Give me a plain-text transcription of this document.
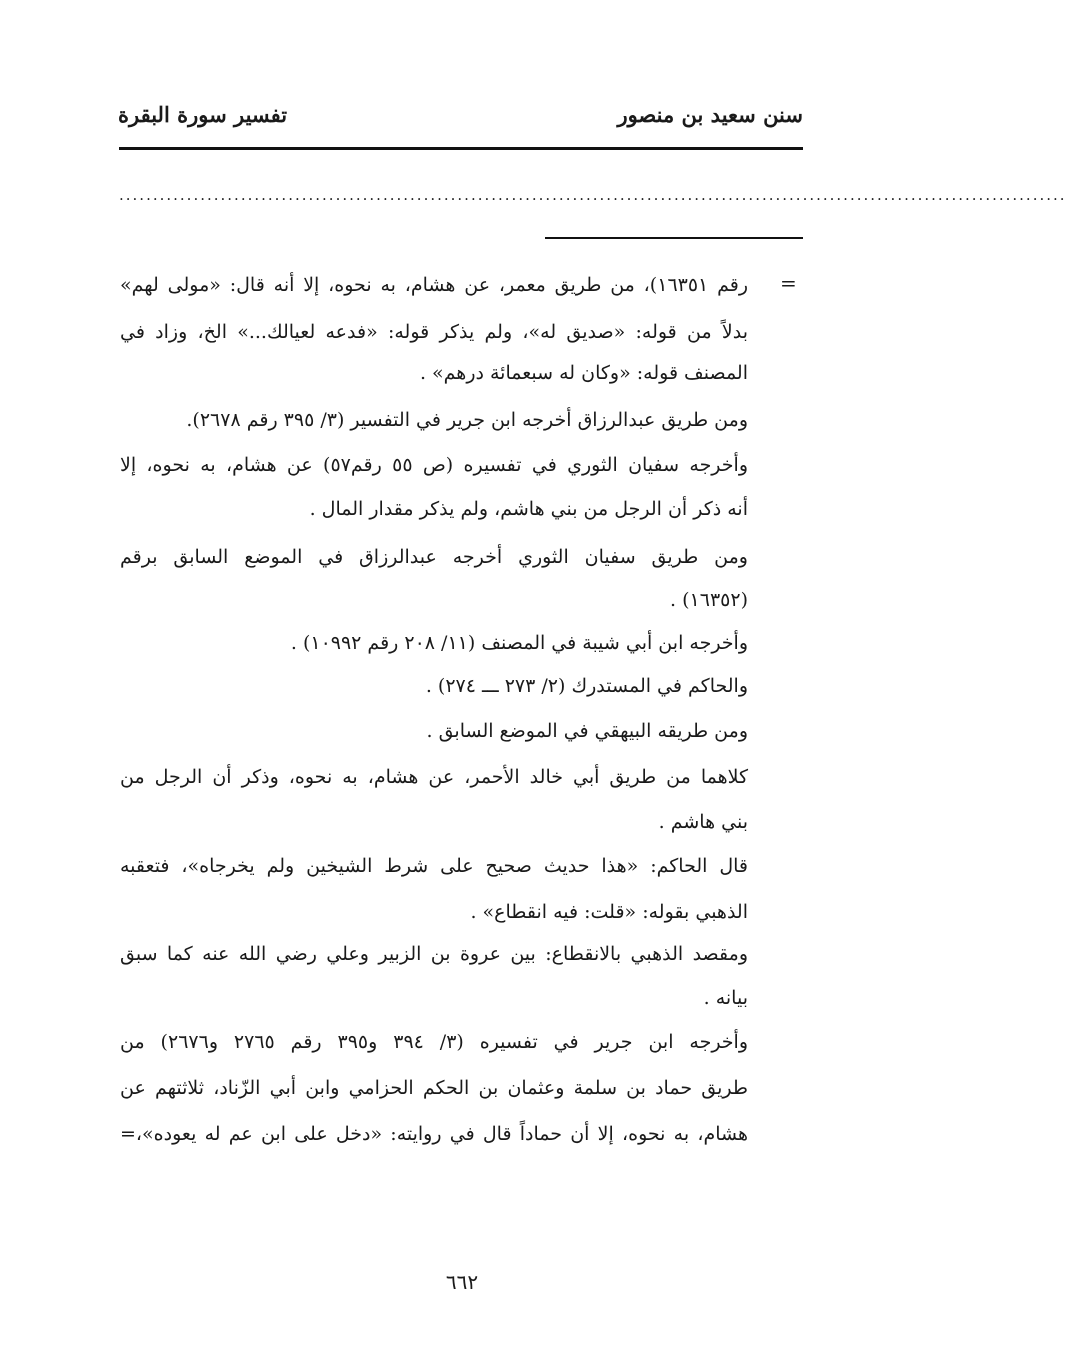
سنن سعيد بن منصور
تفسير سورة البقرة
............................................................................................................................................
=
رقم ١٦٣٥١)، من طريق معمر، عن هشام، به نحوه، إلا أنه قال: «مولى لهم»
بدلاً من قوله: «صديق له»، ولم يذكر قوله: «فدعه لعيالك...» الخ، وزاد في
المصنف قوله: «وكان له سبعمائة درهم» .
ومن طريق عبدالرزاق أخرجه ابن جرير في التفسير (٣/ ٣٩٥ رقم ٢٦٧٨).
وأخرجه سفيان الثوري في تفسيره (ص ٥٥ رقم٥٧) عن هشام، به نحوه، إلا
أنه ذكر أن الرجل من بني هاشم، ولم يذكر مقدار المال .
ومن طريق سفيان الثوري أخرجه عبدالرزاق في الموضع السابق برقم
(١٦٣٥٢) .
وأخرجه ابن أبي شيبة في المصنف (١١/ ٢٠٨ رقم ١٠٩٩٢) .
والحاكم في المستدرك (٢/ ٢٧٣ ـــ ٢٧٤) .
ومن طريقه البيهقي في الموضع السابق .
كلاهما من طريق أبي خالد الأحمر، عن هشام، به نحوه، وذكر أن الرجل من
بني هاشم .
قال الحاكم: «هذا حديث صحيح على شرط الشيخين ولم يخرجاه»، فتعقبه
الذهبي بقوله: «قلت: فيه انقطاع» .
ومقصد الذهبي بالانقطاع: بين عروة بن الزبير وعلي رضي الله عنه كما سبق
بيانه .
وأخرجه ابن جرير في تفسيره (٣/ ٣٩٤ و٣٩٥ رقم ٢٧٦٥ و٢٦٧٦) من
طريق حماد بن سلمة وعثمان بن الحكم الحزامي وابن أبي الزّناد، ثلاثتهم عن
هشام، به نحوه، إلا أن حماداً قال في روايته: «دخل على ابن عم له يعوده»،=
٦٦٢
